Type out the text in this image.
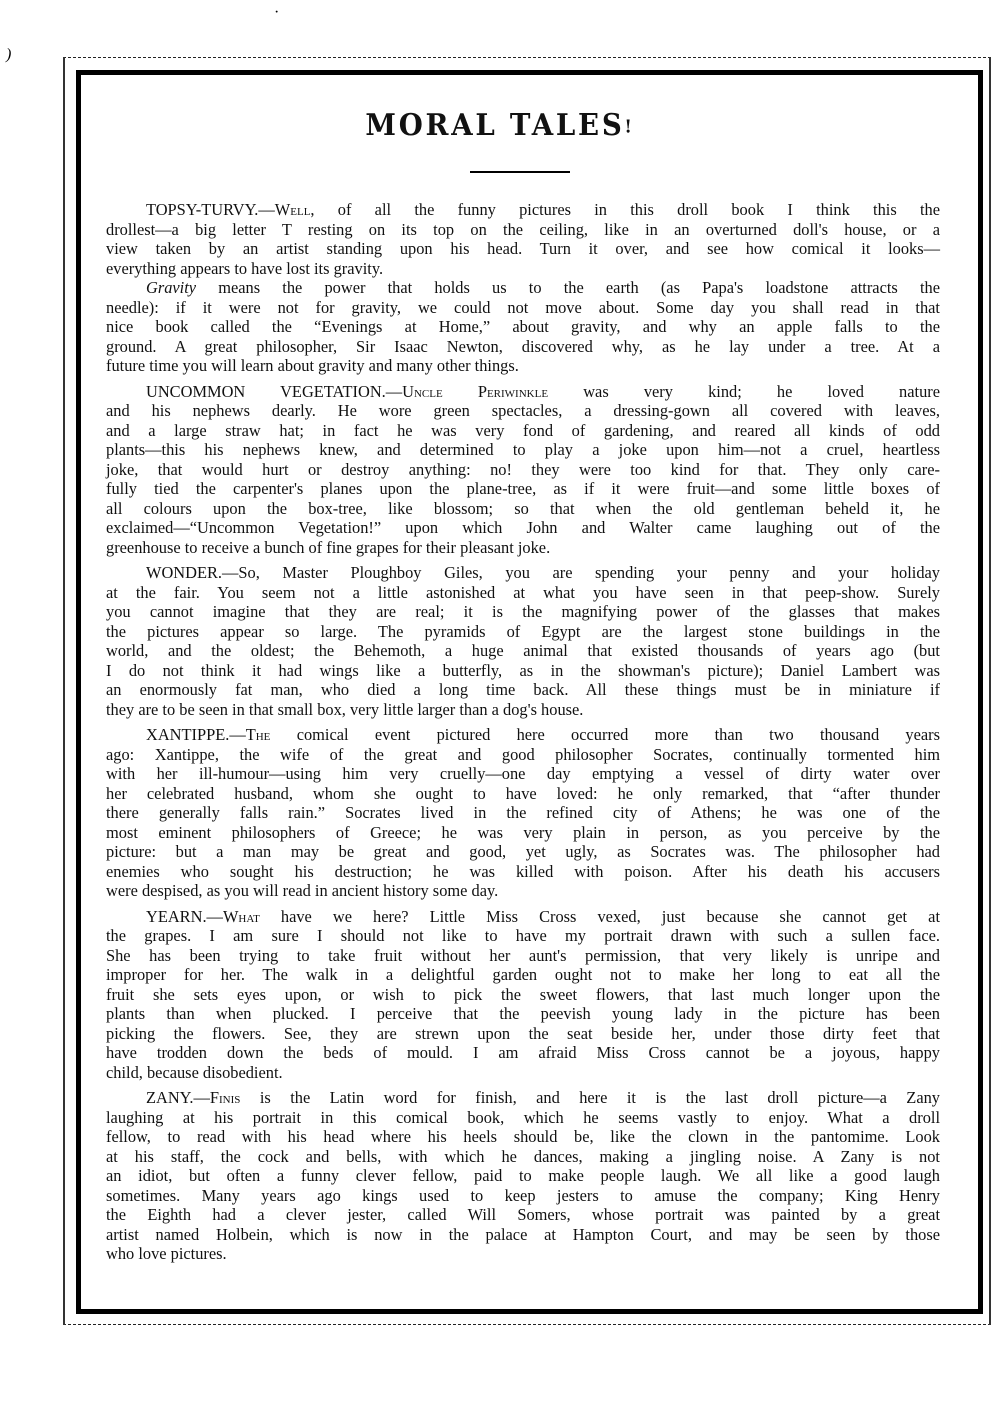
·
)
MORAL TALES!
TOPSY-TURVY.—Well, of all the funny pictures in this droll book I think this the
drollest—a big letter T resting on its top on the ceiling, like in an overturned doll's house, or a
view taken by an artist standing upon his head. Turn it over, and see how comical it looks—
everything appears to have lost its gravity.
Gravity means the power that holds us to the earth (as Papa's loadstone attracts the
needle): if it were not for gravity, we could not move about. Some day you shall read in that
nice book called the “Evenings at Home,” about gravity, and why an apple falls to the
ground. A great philosopher, Sir Isaac Newton, discovered why, as he lay under a tree. At a
future time you will learn about gravity and many other things.
UNCOMMON VEGETATION.—Uncle Periwinkle was very kind; he loved nature
and his nephews dearly. He wore green spectacles, a dressing-gown all covered with leaves,
and a large straw hat; in fact he was very fond of gardening, and reared all kinds of odd
plants—this his nephews knew, and determined to play a joke upon him—not a cruel, heartless
joke, that would hurt or destroy anything: no! they were too kind for that. They only care-
fully tied the carpenter's planes upon the plane-tree, as if it were fruit—and some little boxes of
all colours upon the box-tree, like blossom; so that when the old gentleman beheld it, he
exclaimed—“Uncommon Vegetation!” upon which John and Walter came laughing out of the
greenhouse to receive a bunch of fine grapes for their pleasant joke.
WONDER.—So, Master Ploughboy Giles, you are spending your penny and your holiday
at the fair. You seem not a little astonished at what you have seen in that peep-show. Surely
you cannot imagine that they are real; it is the magnifying power of the glasses that makes
the pictures appear so large. The pyramids of Egypt are the largest stone buildings in the
world, and the oldest; the Behemoth, a huge animal that existed thousands of years ago (but
I do not think it had wings like a butterfly, as in the showman's picture); Daniel Lambert was
an enormously fat man, who died a long time back. All these things must be in miniature if
they are to be seen in that small box, very little larger than a dog's house.
XANTIPPE.—The comical event pictured here occurred more than two thousand years
ago: Xantippe, the wife of the great and good philosopher Socrates, continually tormented him
with her ill-humour—using him very cruelly—one day emptying a vessel of dirty water over
her celebrated husband, whom she ought to have loved: he only remarked, that “after thunder
there generally falls rain.” Socrates lived in the refined city of Athens; he was one of the
most eminent philosophers of Greece; he was very plain in person, as you perceive by the
picture: but a man may be great and good, yet ugly, as Socrates was. The philosopher had
enemies who sought his destruction; he was killed with poison. After his death his accusers
were despised, as you will read in ancient history some day.
YEARN.—What have we here? Little Miss Cross vexed, just because she cannot get at
the grapes. I am sure I should not like to have my portrait drawn with such a sullen face.
She has been trying to take fruit without her aunt's permission, that very likely is unripe and
improper for her. The walk in a delightful garden ought not to make her long to eat all the
fruit she sets eyes upon, or wish to pick the sweet flowers, that last much longer upon the
plants than when plucked. I perceive that the peevish young lady in the picture has been
picking the flowers. See, they are strewn upon the seat beside her, under those dirty feet that
have trodden down the beds of mould. I am afraid Miss Cross cannot be a joyous, happy
child, because disobedient.
ZANY.—Finis is the Latin word for finish, and here it is the last droll picture—a Zany
laughing at his portrait in this comical book, which he seems vastly to enjoy. What a droll
fellow, to read with his head where his heels should be, like the clown in the pantomime. Look
at his staff, the cock and bells, with which he dances, making a jingling noise. A Zany is not
an idiot, but often a funny clever fellow, paid to make people laugh. We all like a good laugh
sometimes. Many years ago kings used to keep jesters to amuse the company; King Henry
the Eighth had a clever jester, called Will Somers, whose portrait was painted by a great
artist named Holbein, which is now in the palace at Hampton Court, and may be seen by those
who love pictures.
